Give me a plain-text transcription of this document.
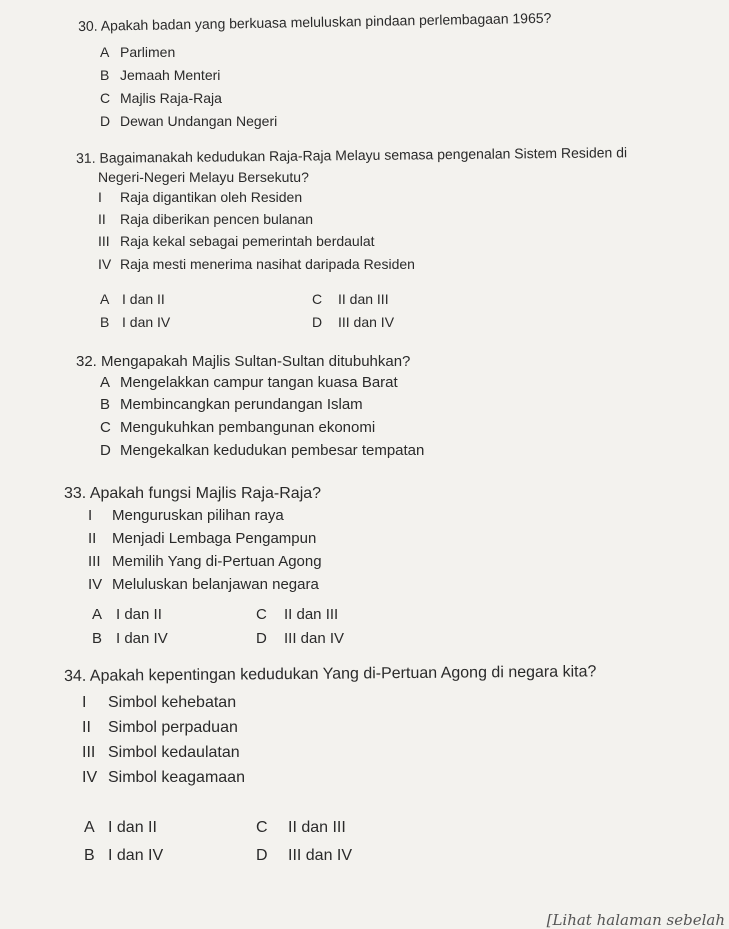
30. Apakah badan yang berkuasa meluluskan pindaan perlembagaan 1965?
A Parlimen
B Jemaah Menteri
C Majlis Raja-Raja
D Dewan Undangan Negeri
31. Bagaimanakah kedudukan Raja-Raja Melayu semasa pengenalan Sistem Residen di
Negeri-Negeri Melayu Bersekutu?
I Raja digantikan oleh Residen
II Raja diberikan pencen bulanan
III Raja kekal sebagai pemerintah berdaulat
IV Raja mesti menerima nasihat daripada Residen
A I dan II
B I dan IV
C II dan III
D III dan IV
32. Mengapakah Majlis Sultan-Sultan ditubuhkan?
A Mengelakkan campur tangan kuasa Barat
B Membincangkan perundangan Islam
C Mengukuhkan pembangunan ekonomi
D Mengekalkan kedudukan pembesar tempatan
33. Apakah fungsi Majlis Raja-Raja?
I Menguruskan pilihan raya
II Menjadi Lembaga Pengampun
III Memilih Yang di-Pertuan Agong
IV Meluluskan belanjawan negara
A I dan II
B I dan IV
C II dan III
D III dan IV
34. Apakah kepentingan kedudukan Yang di-Pertuan Agong di negara kita?
I Simbol kehebatan
II Simbol perpaduan
III Simbol kedaulatan
IV Simbol keagamaan
A I dan II
B I dan IV
C II dan III
D III dan IV
[Lihat halaman sebelah
